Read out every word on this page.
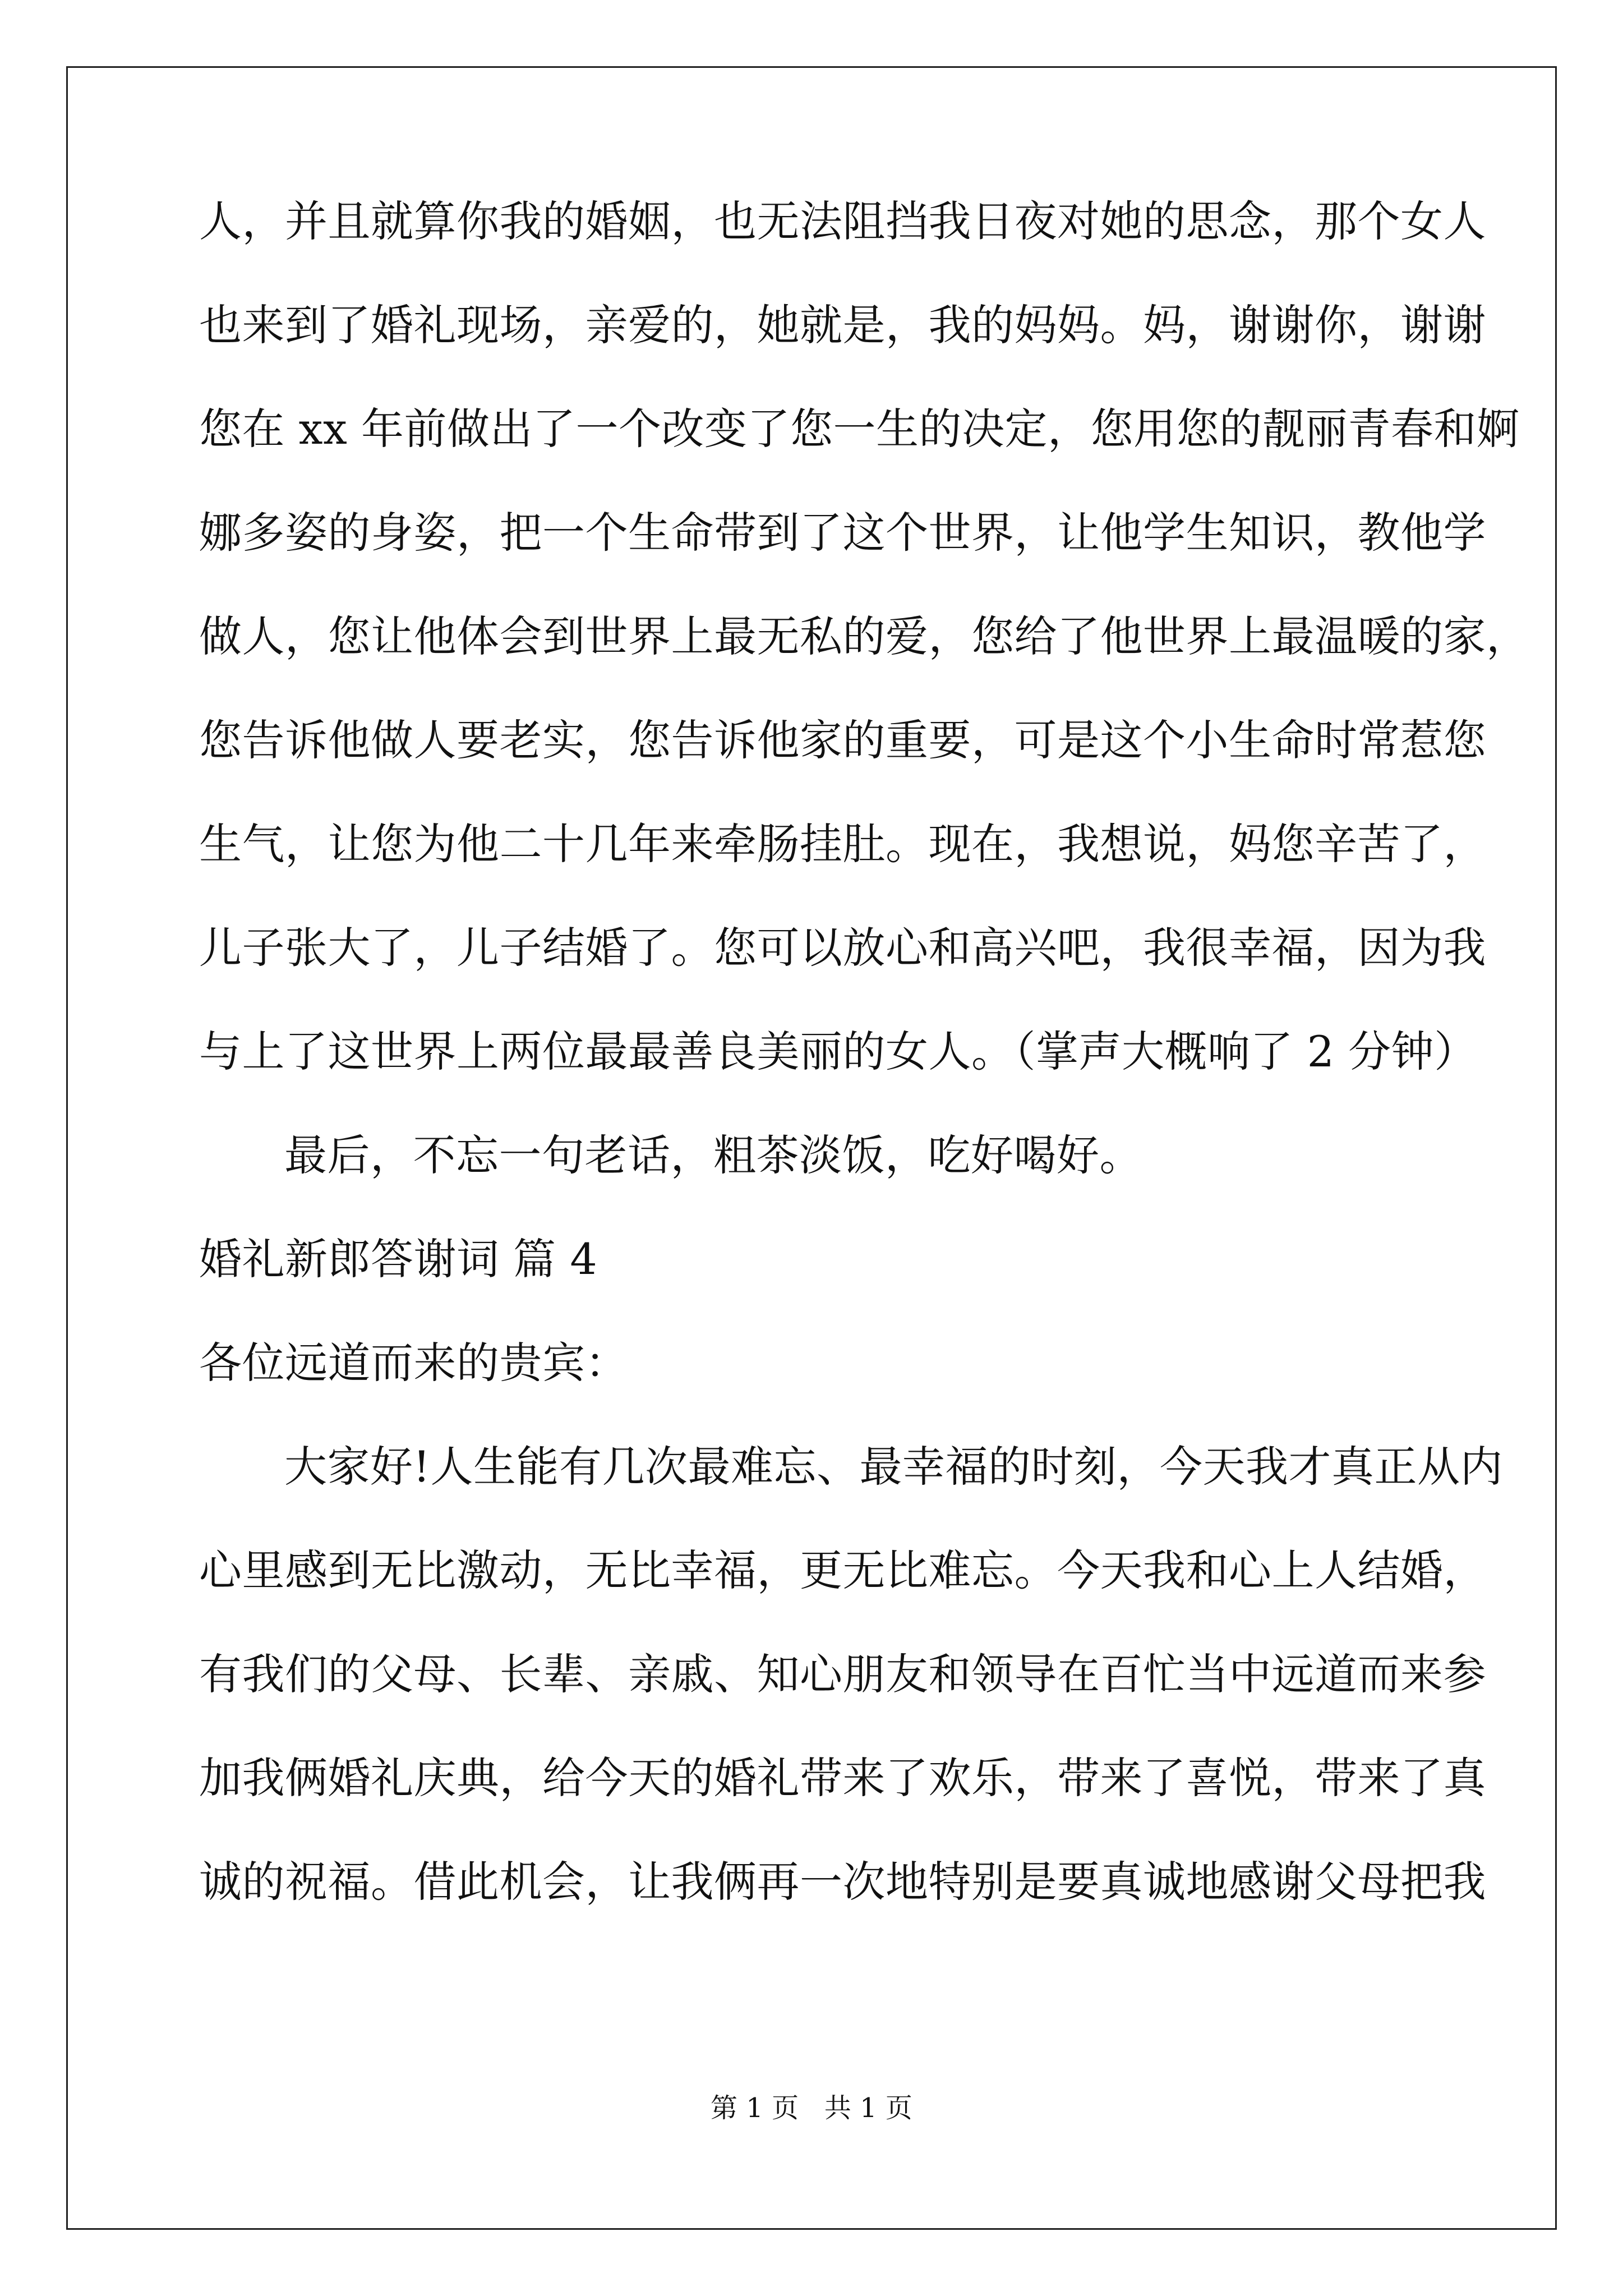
人，并且就算你我的婚姻，也无法阻挡我日夜对她的思念，那个女人
也来到了婚礼现场，亲爱的，她就是，我的妈妈。妈，谢谢你，谢谢
您在 xx 年前做出了一个改变了您一生的决定，您用您的靓丽青春和婀
娜多姿的身姿，把一个生命带到了这个世界，让他学生知识，教他学
做人，您让他体会到世界上最无私的爱，您给了他世界上最温暖的家，
您告诉他做人要老实，您告诉他家的重要，可是这个小生命时常惹您
生气，让您为他二十几年来牵肠挂肚。现在，我想说，妈您辛苦了，
儿子张大了，儿子结婚了。您可以放心和高兴吧，我很幸福，因为我
与上了这世界上两位最最善良美丽的女人。（掌声大概响了 2 分钟）
最后，不忘一句老话，粗茶淡饭，吃好喝好。
婚礼新郎答谢词 篇 4
各位远道而来的贵宾：
大家好!人生能有几次最难忘、最幸福的时刻，今天我才真正从内
心里感到无比激动，无比幸福，更无比难忘。今天我和心上人结婚，
有我们的父母、长辈、亲戚、知心朋友和领导在百忙当中远道而来参
加我俩婚礼庆典，给今天的婚礼带来了欢乐，带来了喜悦，带来了真
诚的祝福。借此机会，让我俩再一次地特别是要真诚地感谢父母把我
第 1 页   共 1 页
